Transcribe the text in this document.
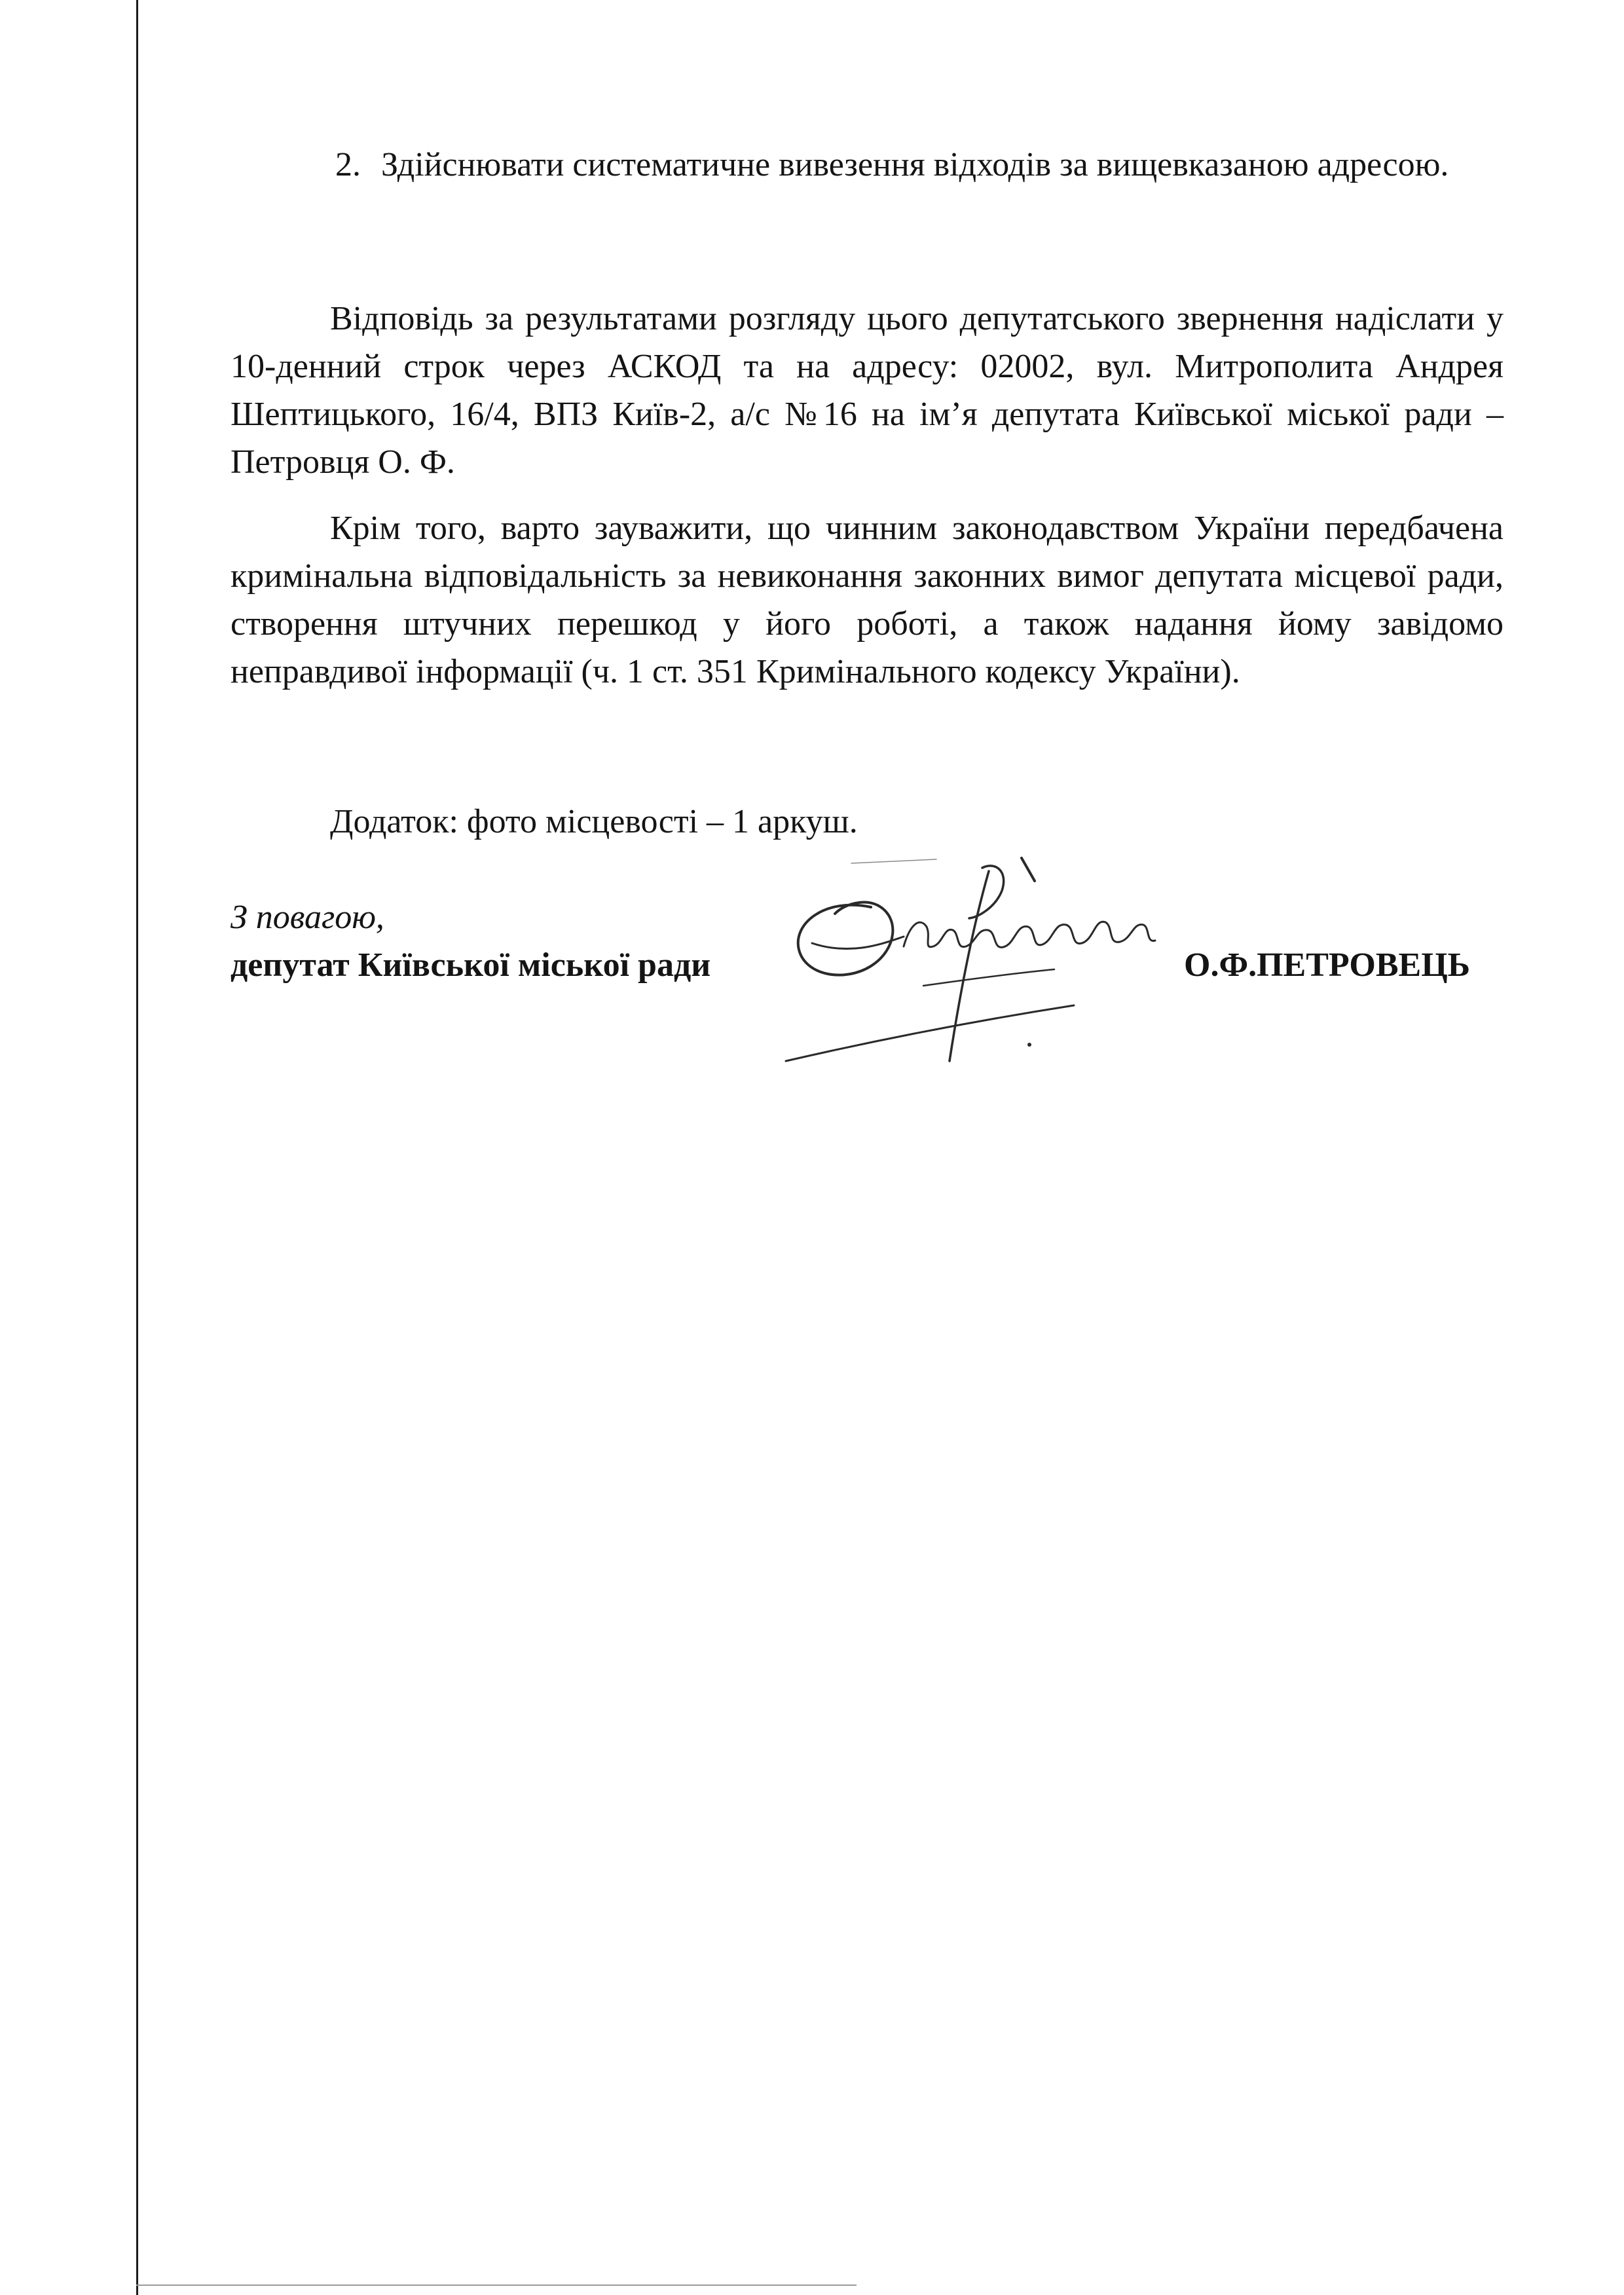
2. Здійснювати систематичне вивезення відходів за вищевказаною адресою.
Відповідь за результатами розгляду цього депутатського звернення надіслати у 10-денний строк через АСКОД та на адресу: 02002, вул. Митрополита Андрея Шептицького, 16/4, ВПЗ Київ-2, а/с №16 на ім’я депутата Київської міської ради – Петровця О. Ф.
Крім того, варто зауважити, що чинним законодавством України передбачена кримінальна відповідальність за невиконання законних вимог депутата місцевої ради, створення штучних перешкод у його роботі, а також надання йому завідомо неправдивої інформації (ч. 1 ст. 351 Кримінального кодексу України).
Додаток: фото місцевості – 1 аркуш.
З повагою,
депутат Київської міської ради	О.Ф.ПЕТРОВЕЦЬ
